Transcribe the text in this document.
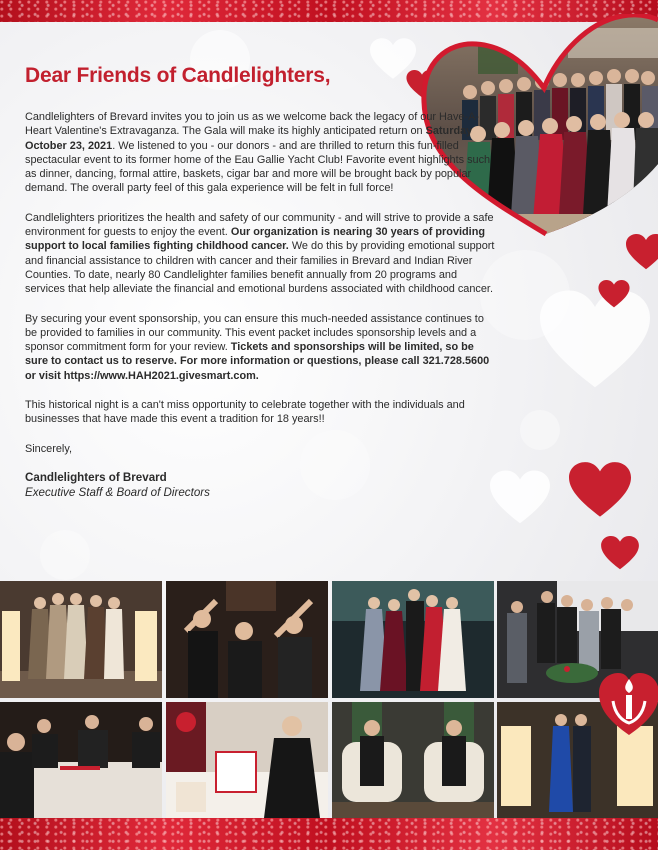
Dear Friends of Candlelighters,

Candlelighters of Brevard invites you to join us as we welcome back the legacy of our Have-A-Heart Valentine's Extravaganza. The Gala will make its highly anticipated return on Saturday October 23, 2021. We listened to you - our donors - and are thrilled to return this fun-filled spectacular event to its former home of the Eau Gallie Yacht Club! Favorite event highlights such as dinner, dancing, formal attire, baskets, cigar bar and more will be brought back by popular demand. The overall party feel of this gala experience will be felt in full force!

Candlelighters prioritizes the health and safety of our community - and will strive to provide a safe environment for guests to enjoy the event. Our organization is nearing 30 years of providing support to local families fighting childhood cancer. We do this by providing emotional support and financial assistance to children with cancer and their families in Brevard and Indian River Counties. To date, nearly 80 Candlelighter families benefit annually from 20 programs and services that help alleviate the financial and emotional burdens associated with childhood cancer.

By securing your event sponsorship, you can ensure this much-needed assistance continues to be provided to families in our community. This event packet includes sponsorship levels and a sponsor commitment form for your review. Tickets and sponsorships will be limited, so be sure to contact us to reserve. For more information or questions, please call 321.728.5600 or visit https://www.HAH2021.givesmart.com.

This historical night is a can't miss opportunity to celebrate together with the individuals and businesses that have made this event a tradition for 18 years!!

Sincerely,

Candlelighters of Brevard
Executive Staff & Board of Directors
